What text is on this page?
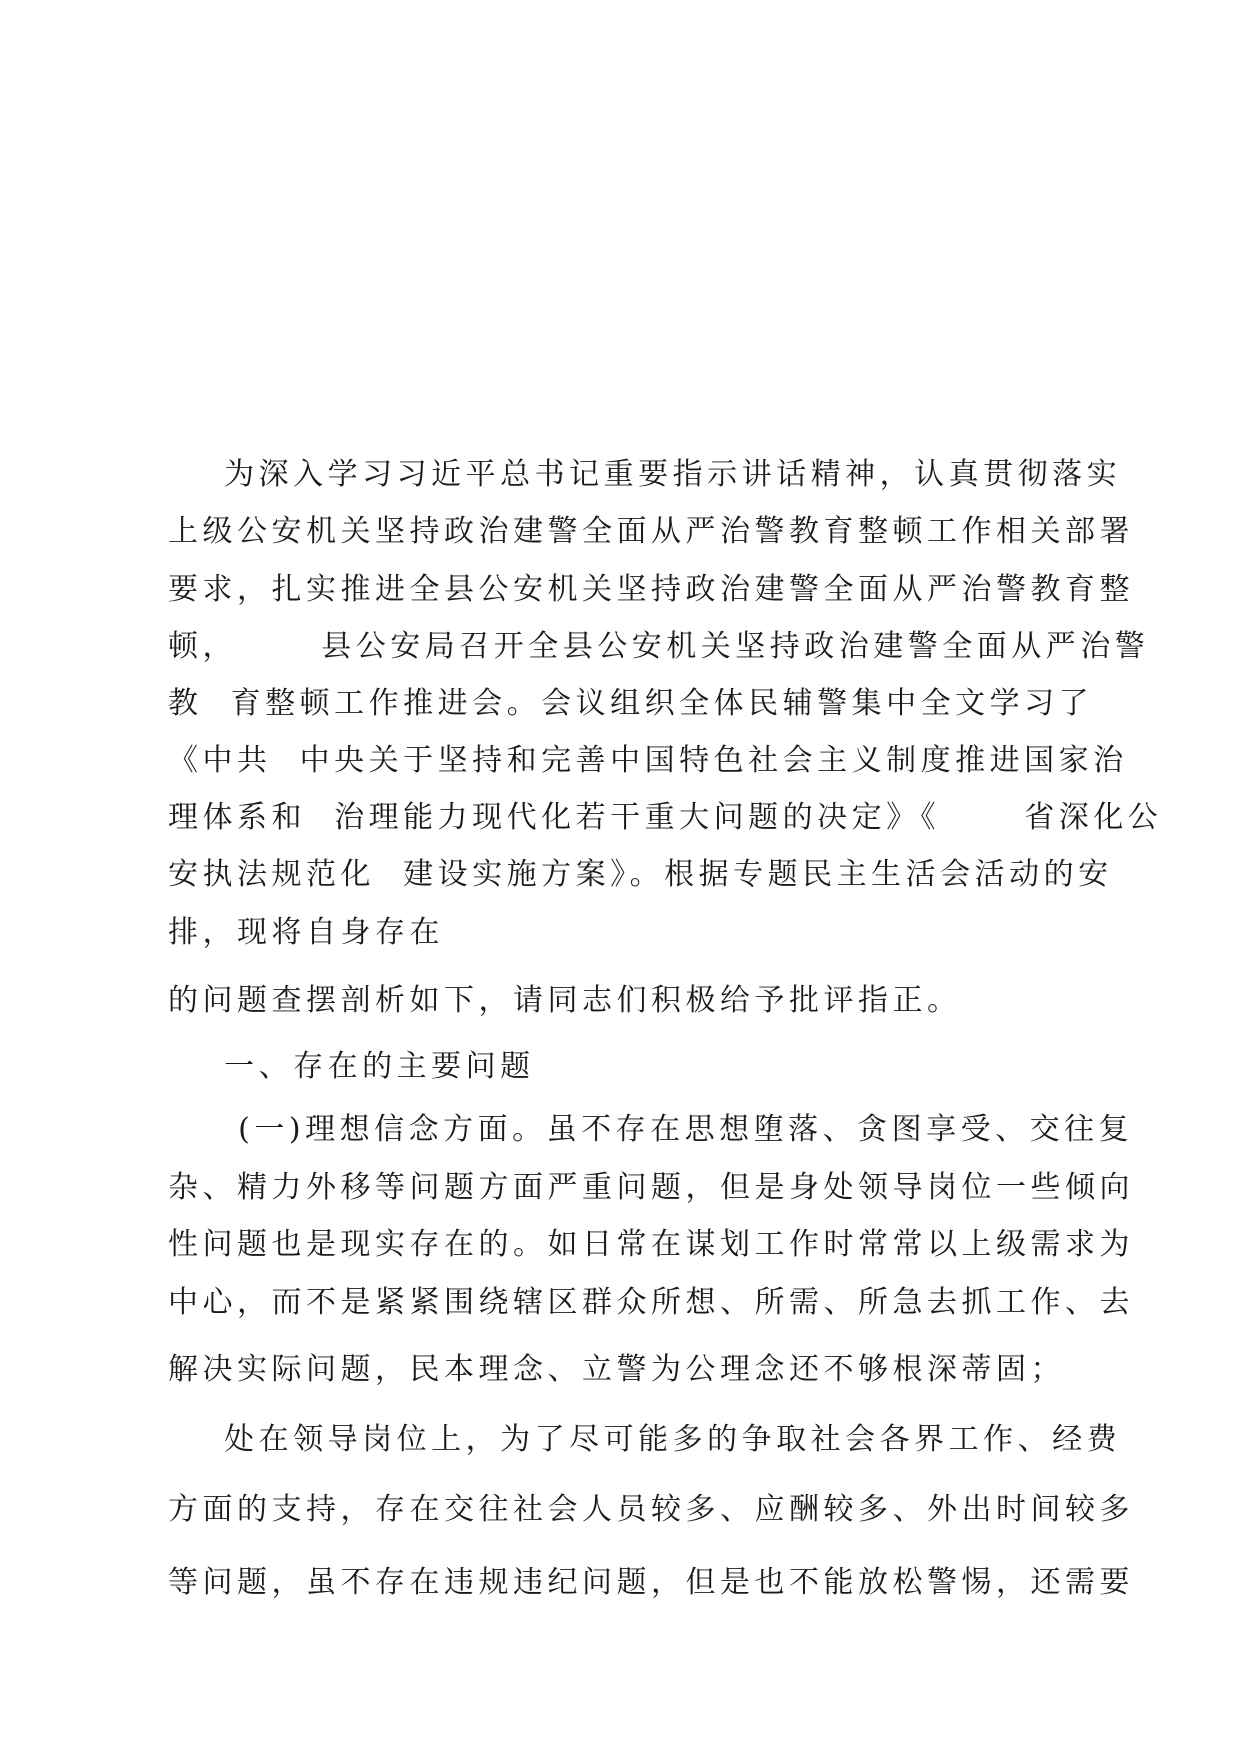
为深入学习习近平总书记重要指示讲话精神，认真贯彻落实
上级公安机关坚持政治建警全面从严治警教育整顿工作相关部署
要求，扎实推进全县公安机关坚持政治建警全面从严治警教育整
顿，      县公安局召开全县公安机关坚持政治建警全面从严治警
教  育整顿工作推进会。会议组织全体民辅警集中全文学习了
《中共  中央关于坚持和完善中国特色社会主义制度推进国家治
理体系和  治理能力现代化若干重大问题的决定》《      省深化公
安执法规范化  建设实施方案》。根据专题民主生活会活动的安
排，现将自身存在
的问题查摆剖析如下，请同志们积极给予批评指正。
一、存在的主要问题
(一)理想信念方面。虽不存在思想堕落、贪图享受、交往复
杂、精力外移等问题方面严重问题，但是身处领导岗位一些倾向
性问题也是现实存在的。如日常在谋划工作时常常以上级需求为
中心，而不是紧紧围绕辖区群众所想、所需、所急去抓工作、去
解决实际问题，民本理念、立警为公理念还不够根深蒂固；
处在领导岗位上，为了尽可能多的争取社会各界工作、经费
方面的支持，存在交往社会人员较多、应酬较多、外出时间较多
等问题，虽不存在违规违纪问题，但是也不能放松警惕，还需要
